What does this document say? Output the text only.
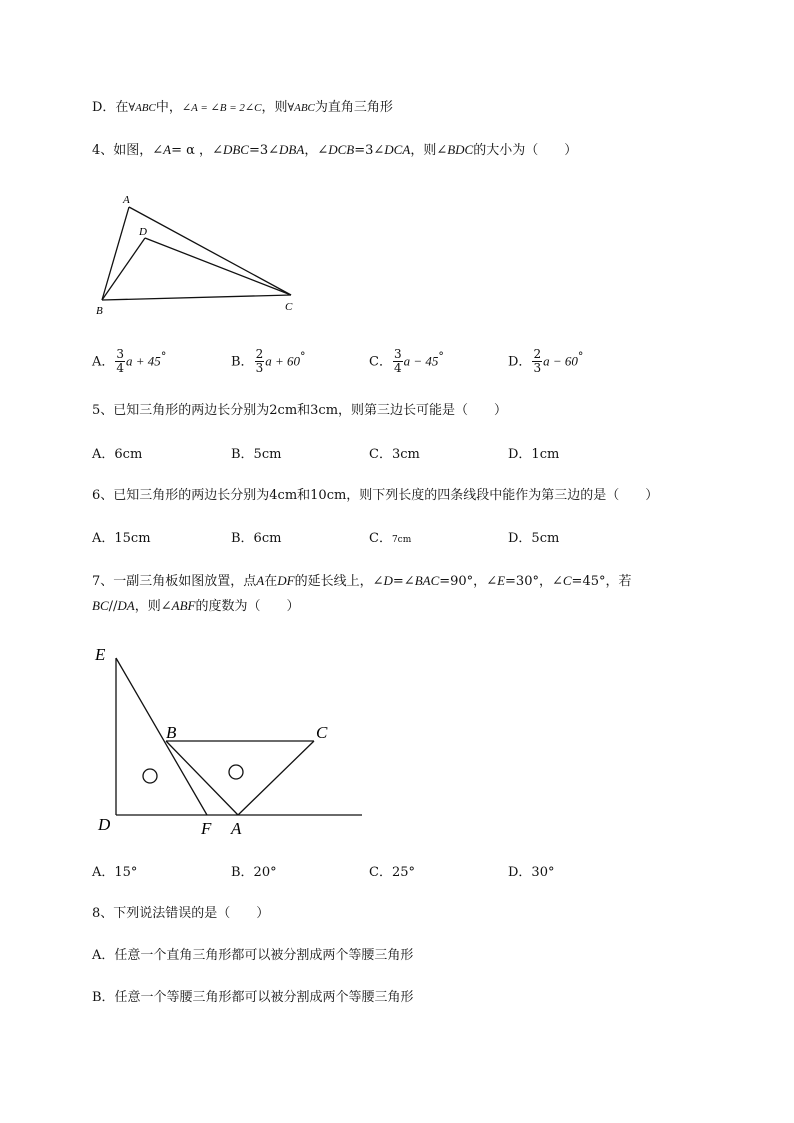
D．在∀ABC中，∠A = ∠B = 2∠C，则∀ABC为直角三角形
4、如图，∠A= α ，∠DBC=3∠DBA，∠DCB=3∠DCA，则∠BDC的大小为（　　）
A
D
B	C
E
B	C
D	F A
A． $\frac{3}{4}$ a + 45°	B． $\frac{2}{3}$ a + 60°	C． $\frac{3}{4}$ a − 45°	D． $\frac{2}{3}$ a − 60°
5、已知三角形的两边长分别为2cm和3cm，则第三边长可能是（　　）
A．6cm	B．5cm	C．3cm	D．1cm
6、已知三角形的两边长分别为4cm和10cm，则下列长度的四条线段中能作为第三边的是（　　）
A．15cm	B．6cm	C．7cm	D．5cm
7、一副三角板如图放置，点A在DF的延长线上，∠D=∠BAC=90°，∠E=30°，∠C=45°，若
BC//DA，则∠ABF的度数为（　　）
A．15°	B．20°	C．25°	D．30°
8、下列说法错误的是（　　）
A．任意一个直角三角形都可以被分割成两个等腰三角形
B．任意一个等腰三角形都可以被分割成两个等腰三角形
